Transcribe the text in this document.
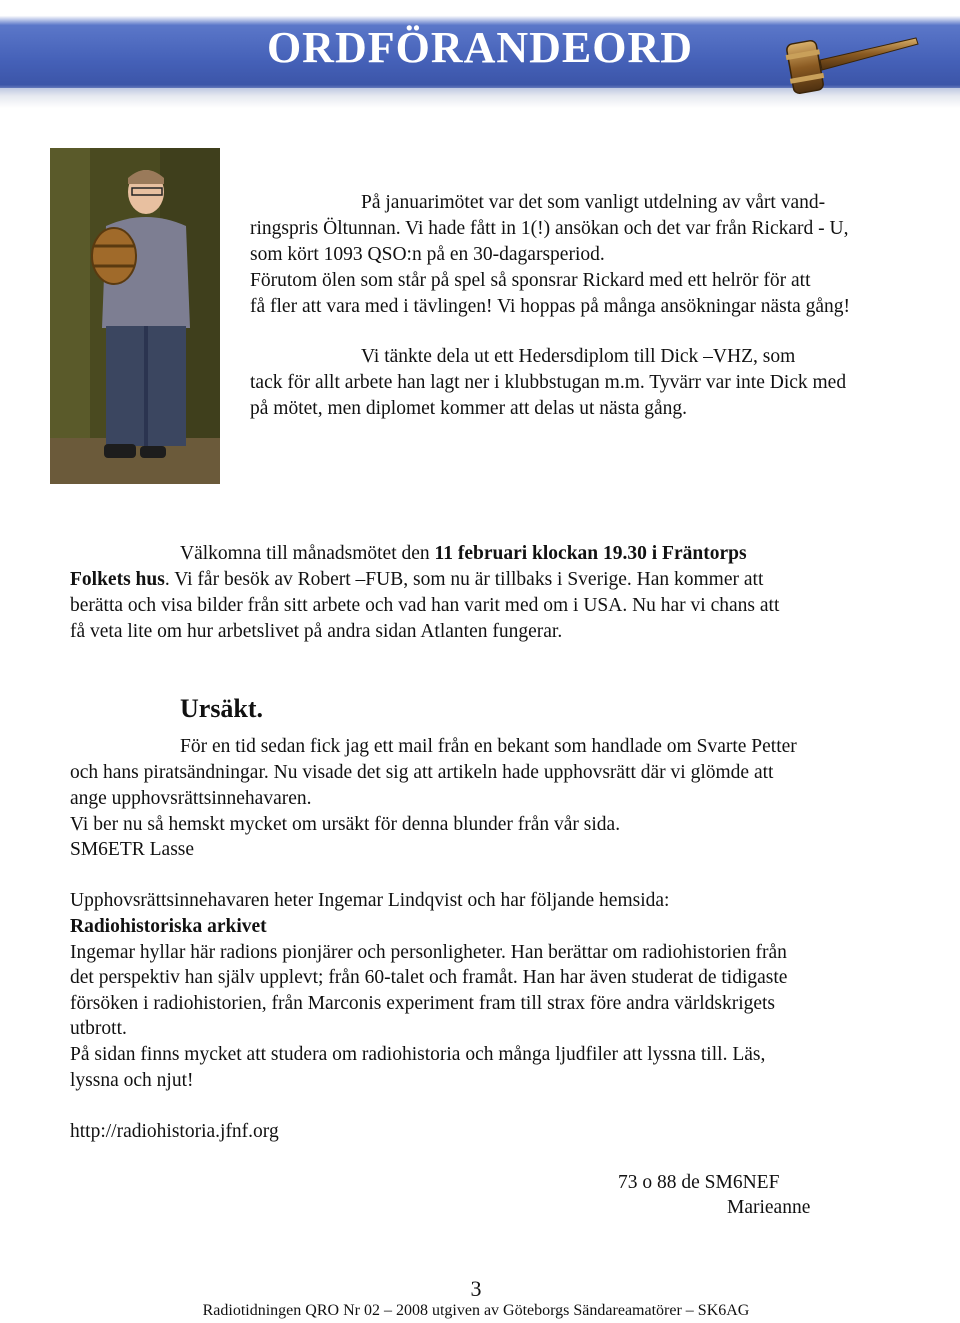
ORDFÖRANDEORD

På januarimötet var det som vanligt utdelning av vårt vand-

ringspris Öltunnan. Vi hade fått in 1(!) ansökan och det var från Rickard - U,

som kört 1093 QSO:n på en 30-dagarsperiod.

Förutom ölen som står på spel så sponsrar Rickard med ett helrör för att

få fler att vara med i tävlingen! Vi hoppas på många ansökningar nästa gång!

Vi tänkte dela ut ett Hedersdiplom till Dick –VHZ, som

tack för allt arbete han lagt ner i klubbstugan m.m. Tyvärr var inte Dick med

på mötet, men diplomet kommer att delas ut nästa gång.

Välkomna till månadsmötet den 11 februari klockan 19.30 i Fräntorps

Folkets hus. Vi får besök av Robert –FUB, som nu är tillbaks i Sverige. Han kommer att

berätta och visa bilder från sitt arbete och vad han varit med om i USA. Nu har vi chans att

få veta lite om hur arbetslivet på andra sidan Atlanten fungerar.

Ursäkt.

För en tid sedan fick jag ett mail från en bekant som handlade om Svarte Petter

och hans piratsändningar. Nu visade det sig att artikeln hade upphovsrätt där vi glömde att

ange upphovsrättsinnehavaren.

Vi ber nu så hemskt mycket om ursäkt för denna blunder från vår sida.

SM6ETR Lasse

Upphovsrättsinnehavaren heter Ingemar Lindqvist och har följande hemsida:

Radiohistoriska arkivet

Ingemar hyllar här radions pionjärer och personligheter. Han berättar om radiohistorien från

det perspektiv han själv upplevt; från 60-talet och framåt. Han har även studerat de tidigaste

försöken i radiohistorien, från Marconis experiment fram till strax före andra världskrigets

utbrott.

På sidan finns mycket att studera om radiohistoria och många ljudfiler att lyssna till. Läs,

lyssna och njut!

http://radiohistoria.jfnf.org

73 o 88 de SM6NEF

Marieanne

3

Radiotidningen QRO Nr 02 – 2008 utgiven av Göteborgs Sändareamatörer – SK6AG
